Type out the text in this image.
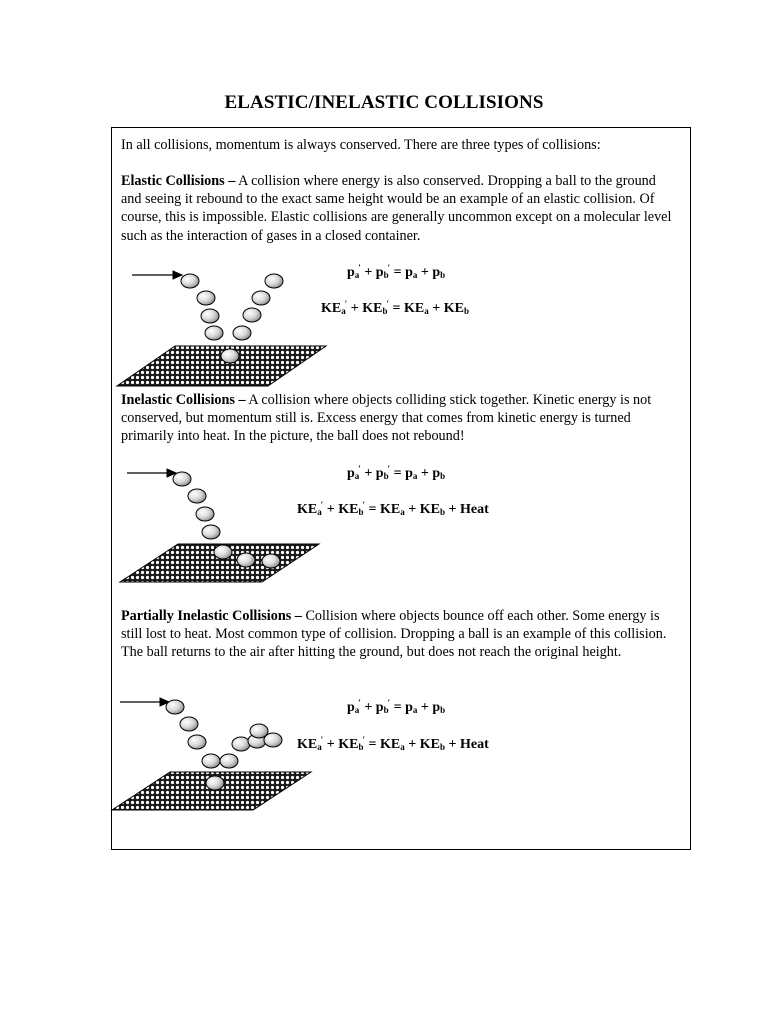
ELASTIC/INELASTIC COLLISIONS
In all collisions, momentum is always conserved. There are three types of collisions:
Elastic Collisions – A collision where energy is also conserved. Dropping a ball to the ground and seeing it rebound to the exact same height would be an example of an elastic collision. Of course, this is impossible. Elastic collisions are generally uncommon except on a molecular level such as the interaction of gases in a closed container.
$p_a' + p_b' = p_a + p_b$
$KE_a' + KE_b' = KE_a + KE_b$
Inelastic Collisions – A collision where objects colliding stick together. Kinetic energy is not conserved, but momentum still is. Excess energy that comes from kinetic energy is turned primarily into heat. In the picture, the ball does not rebound!
$p_a' + p_b' = p_a + p_b$
$KE_a' + KE_b' = KE_a + KE_b$ + Heat
Partially Inelastic Collisions – Collision where objects bounce off each other. Some energy is still lost to heat. Most common type of collision. Dropping a ball is an example of this collision. The ball returns to the air after hitting the ground, but does not reach the original height.
$p_a' + p_b' = p_a + p_b$
$KE_a' + KE_b' = KE_a + KE_b$ + Heat
